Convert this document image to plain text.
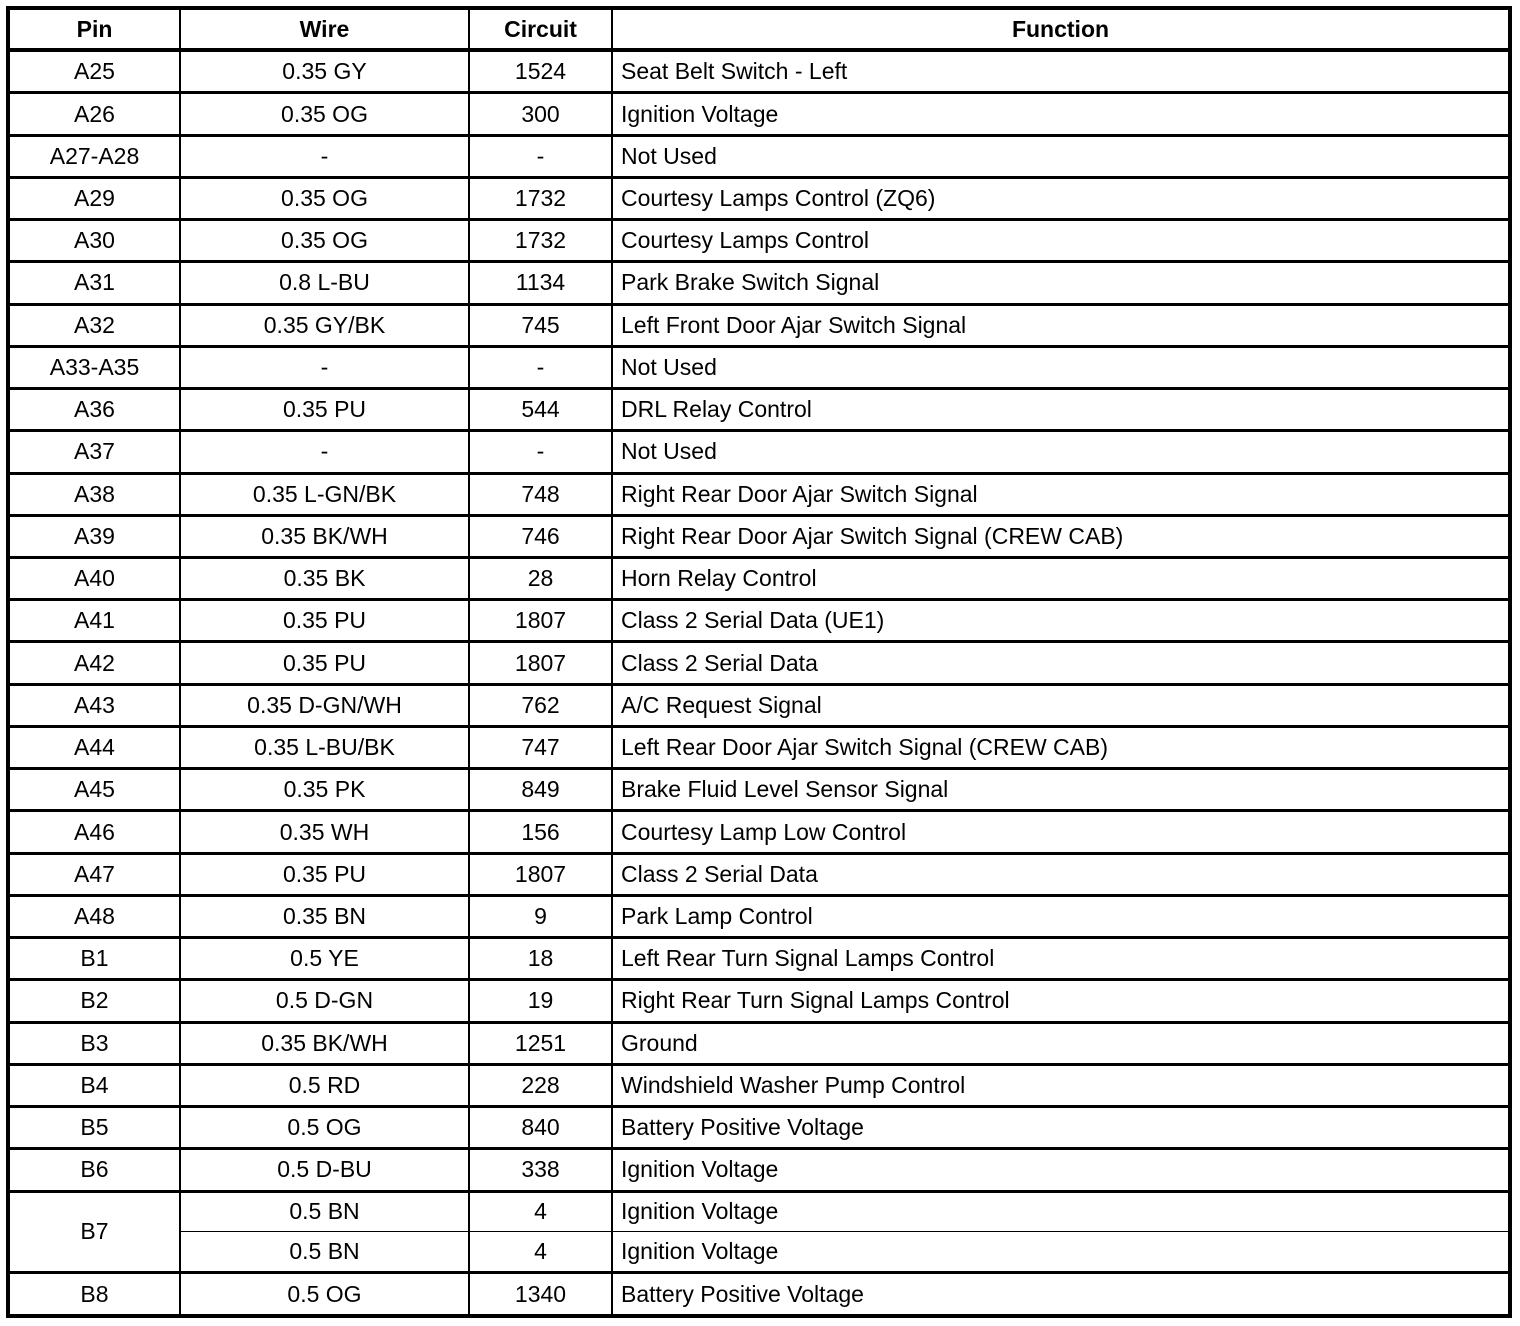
Pin	Wire	Circuit	Function
A25	0.35 GY	1524	Seat Belt Switch - Left
A26	0.35 OG	300	Ignition Voltage
A27-A28	-	-	Not Used
A29	0.35 OG	1732	Courtesy Lamps Control (ZQ6)
A30	0.35 OG	1732	Courtesy Lamps Control
A31	0.8 L-BU	1134	Park Brake Switch Signal
A32	0.35 GY/BK	745	Left Front Door Ajar Switch Signal
A33-A35	-	-	Not Used
A36	0.35 PU	544	DRL Relay Control
A37	-	-	Not Used
A38	0.35 L-GN/BK	748	Right Rear Door Ajar Switch Signal
A39	0.35 BK/WH	746	Right Rear Door Ajar Switch Signal (CREW CAB)
A40	0.35 BK	28	Horn Relay Control
A41	0.35 PU	1807	Class 2 Serial Data (UE1)
A42	0.35 PU	1807	Class 2 Serial Data
A43	0.35 D-GN/WH	762	A/C Request Signal
A44	0.35 L-BU/BK	747	Left Rear Door Ajar Switch Signal (CREW CAB)
A45	0.35 PK	849	Brake Fluid Level Sensor Signal
A46	0.35 WH	156	Courtesy Lamp Low Control
A47	0.35 PU	1807	Class 2 Serial Data
A48	0.35 BN	9	Park Lamp Control
B1	0.5 YE	18	Left Rear Turn Signal Lamps Control
B2	0.5 D-GN	19	Right Rear Turn Signal Lamps Control
B3	0.35 BK/WH	1251	Ground
B4	0.5 RD	228	Windshield Washer Pump Control
B5	0.5 OG	840	Battery Positive Voltage
B6	0.5 D-BU	338	Ignition Voltage
B7	0.5 BN	4	Ignition Voltage
	0.5 BN	4	Ignition Voltage
B8	0.5 OG	1340	Battery Positive Voltage
